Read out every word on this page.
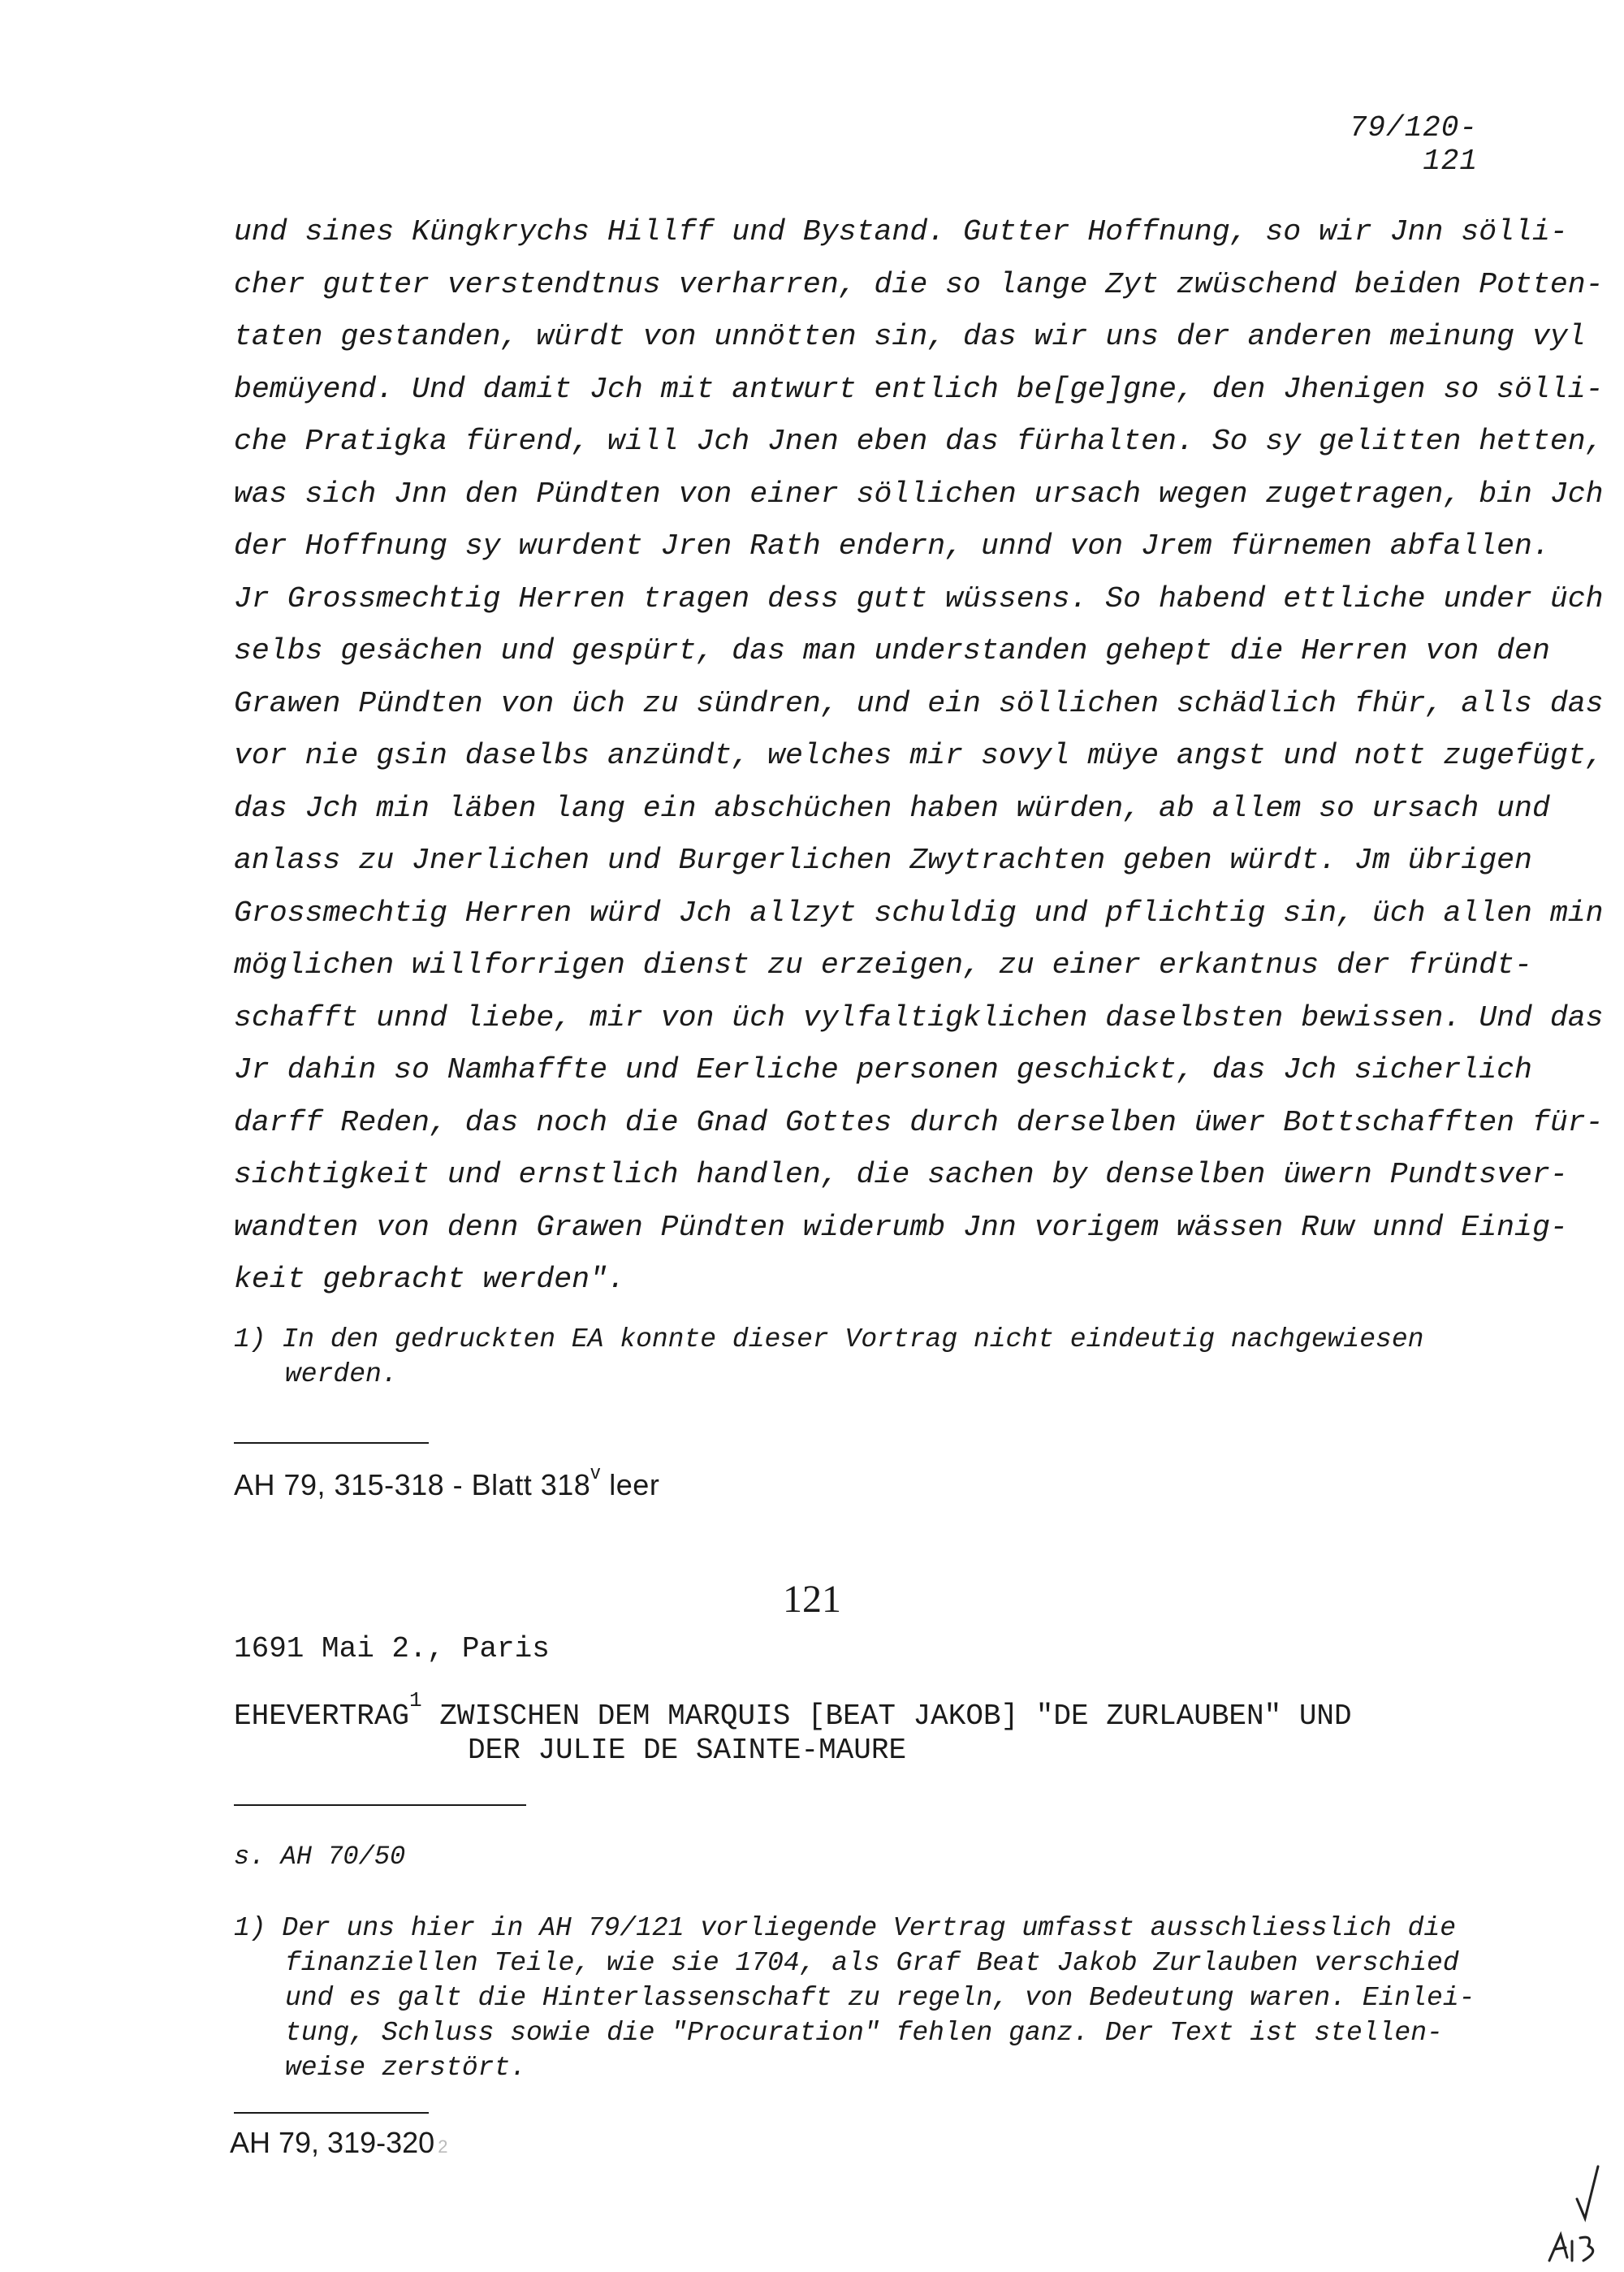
79/120-121
und sines Küngkrychs Hillff und Bystand. Gutter Hoffnung, so wir Jnn sölli-
cher gutter verstendtnus verharren, die so lange Zyt zwüschend beiden Potten-
taten gestanden, würdt von unnötten sin, das wir uns der anderen meinung vyl
bemüyend. Und damit Jch mit antwurt entlich be[ge]gne, den Jhenigen so sölli-
che Pratigka fürend, will Jch Jnen eben das fürhalten. So sy gelitten hetten,
was sich Jnn den Pündten von einer söllichen ursach wegen zugetragen, bin Jch
der Hoffnung sy wurdent Jren Rath endern, unnd von Jrem fürnemen abfallen.
Jr Grossmechtig Herren tragen dess gutt wüssens. So habend ettliche under üch
selbs gesächen und gespürt, das man understanden gehept die Herren von den
Grawen Pündten von üch zu sündren, und ein söllichen schädlich fhür, alls das
vor nie gsin daselbs anzündt, welches mir sovyl müye angst und nott zugefügt,
das Jch min läben lang ein abschüchen haben würden, ab allem so ursach und
anlass zu Jnerlichen und Burgerlichen Zwytrachten geben würdt. Jm übrigen
Grossmechtig Herren würd Jch allzyt schuldig und pflichtig sin, üch allen min
möglichen willforrigen dienst zu erzeigen, zu einer erkantnus der fründt-
schafft unnd liebe, mir von üch vylfaltigklichen daselbsten bewissen. Und das
Jr dahin so Namhaffte und Eerliche personen geschickt, das Jch sicherlich
darff Reden, das noch die Gnad Gottes durch derselben üwer Bottschafften für-
sichtigkeit und ernstlich handlen, die sachen by denselben üwern Pundtsver-
wandten von denn Grawen Pündten widerumb Jnn vorigem wässen Ruw unnd Einig-
keit gebracht werden".
1) In den gedruckten EA konnte dieser Vortrag nicht eindeutig nachgewiesen
werden.
AH 79, 315-318 - Blatt 318$^v$ leer
121
1691 Mai 2., Paris
EHEVERTRAG$^1$ ZWISCHEN DEM MARQUIS [BEAT JAKOB] "DE ZURLAUBEN" UND
DER JULIE DE SAINTE-MAURE
s. AH 70/50
1) Der uns hier in AH 79/121 vorliegende Vertrag umfasst ausschliesslich die
finanziellen Teile, wie sie 1704, als Graf Beat Jakob Zurlauben verschied
und es galt die Hinterlassenschaft zu regeln, von Bedeutung waren. Einlei-
tung, Schluss sowie die "Procuration" fehlen ganz. Der Text ist stellen-
weise zerstört.
AH 79, 319-320 2
